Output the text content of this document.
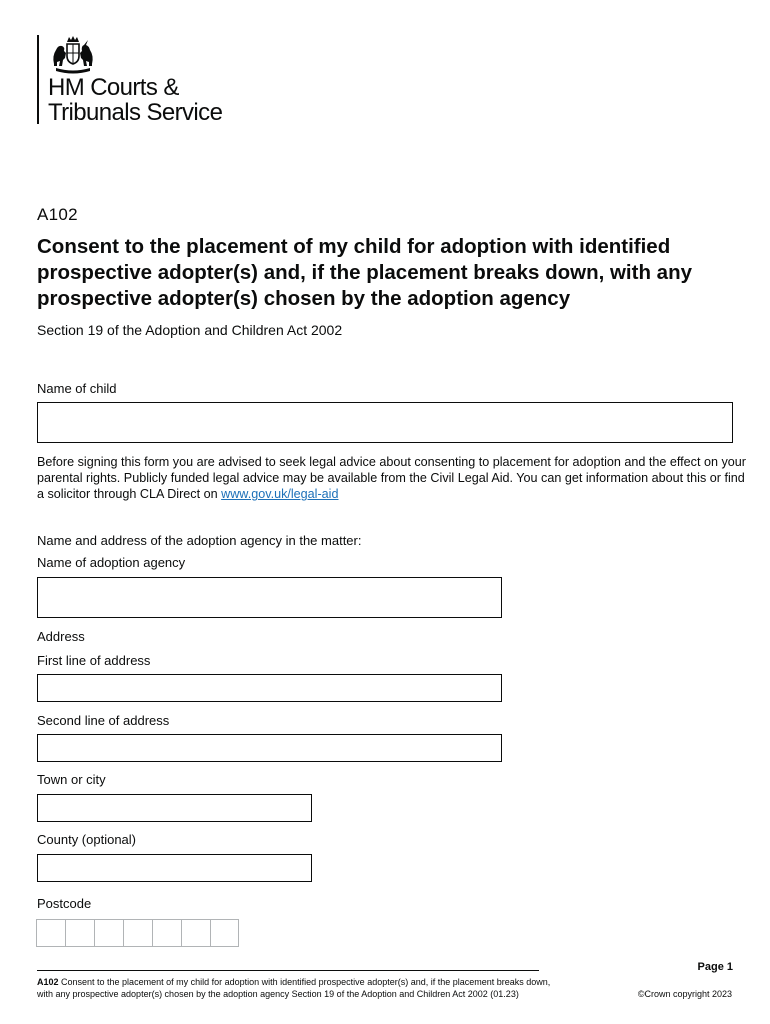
HM Courts &
Tribunals Service
A102
Consent to the placement of my child for adoption with identified prospective adopter(s) and, if the placement breaks down, with any prospective adopter(s) chosen by the adoption agency
Section 19 of the Adoption and Children Act 2002
Name of child
Before signing this form you are advised to seek legal advice about consenting to placement for adoption and the effect on your parental rights. Publicly funded legal advice may be available from the Civil Legal Aid. You can get information about this or find a solicitor through CLA Direct on www.gov.uk/legal-aid
Name and address of the adoption agency in the matter:
Name of adoption agency
Address
First line of address
Second line of address
Town or city
County (optional)
Postcode
Page 1
A102 Consent to the placement of my child for adoption with identified prospective adopter(s) and, if the placement breaks down,
with any prospective adopter(s) chosen by the adoption agency Section 19 of the Adoption and Children Act 2002 (01.23)	©Crown copyright 2023
